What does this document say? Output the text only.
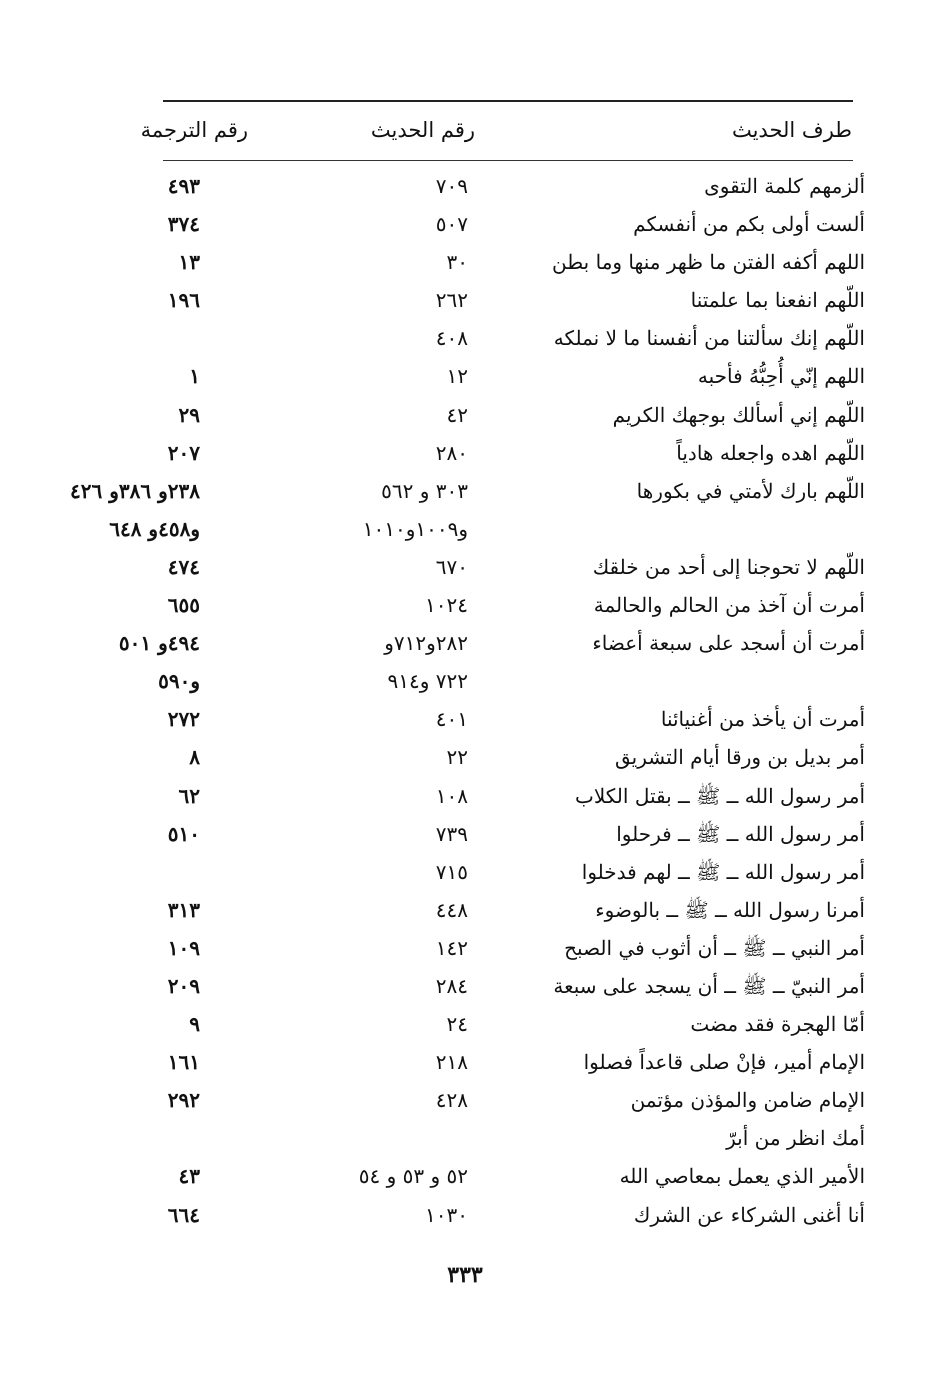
طرف الحديث
رقم الحديث
رقم الترجمة
ألزمهم كلمة التقوى
٧٠٩
٤٩٣
ألست أولى بكم من أنفسكم
٥٠٧
٣٧٤
اللهم أكفه الفتن ما ظهر منها وما بطن
٣٠
١٣
اللّهم انفعنا بما علمتنا
٢٦٢
١٩٦
اللّهم إنك سألتنا من أنفسنا ما لا نملكه
٤٠٨
اللهم إنّي أُحِبُّهُ فأحبه
١٢
١
اللّهم إني أسألك بوجهك الكريم
٤٢
٢٩
اللّهم اهده واجعله هادياً
٢٨٠
٢٠٧
اللّهم بارك لأمتي في بكورها
٣٠٣ و ٥٦٢
٢٣٨و ٣٨٦و ٤٢٦
و١٠٠٩و١٠١٠
و٤٥٨و ٦٤٨
اللّهم لا تحوجنا إلى أحد من خلقك
٦٧٠
٤٧٤
أمرت أن آخذ من الحالم والحالمة
١٠٢٤
٦٥٥
أمرت أن أسجد على سبعة أعضاء
٢٨٢و٧١٢و
٤٩٤و ٥٠١
٧٢٢ و٩١٤
و٥٩٠
أمرت أن يأخذ من أغنيائنا
٤٠١
٢٧٢
أمر بديل بن ورقا أيام التشريق
٢٢
٨
أمر رسول الله ــ ﷺ ــ بقتل الكلاب
١٠٨
٦٢
أمر رسول الله ــ ﷺ ــ فرحلوا
٧٣٩
٥١٠
أمر رسول الله ــ ﷺ ــ لهم فدخلوا
٧١٥
أمرنا رسول الله ــ ﷺ ــ بالوضوء
٤٤٨
٣١٣
أمر النبي ــ ﷺ ــ أن أثوب في الصبح
١٤٢
١٠٩
أمر النبيّ ــ ﷺ ــ أن يسجد على سبعة
٢٨٤
٢٠٩
أمّا الهجرة فقد مضت
٢٤
٩
الإمام أمير، فإنْ صلى قاعداً فصلوا
٢١٨
١٦١
الإمام ضامن والمؤذن مؤتمن
٤٢٨
٢٩٢
أمك انظر من أبرّ
الأمير الذي يعمل بمعاصي الله
٥٢ و ٥٣ و ٥٤
٤٣
أنا أغنى الشركاء عن الشرك
١٠٣٠
٦٦٤
٣٣٣
